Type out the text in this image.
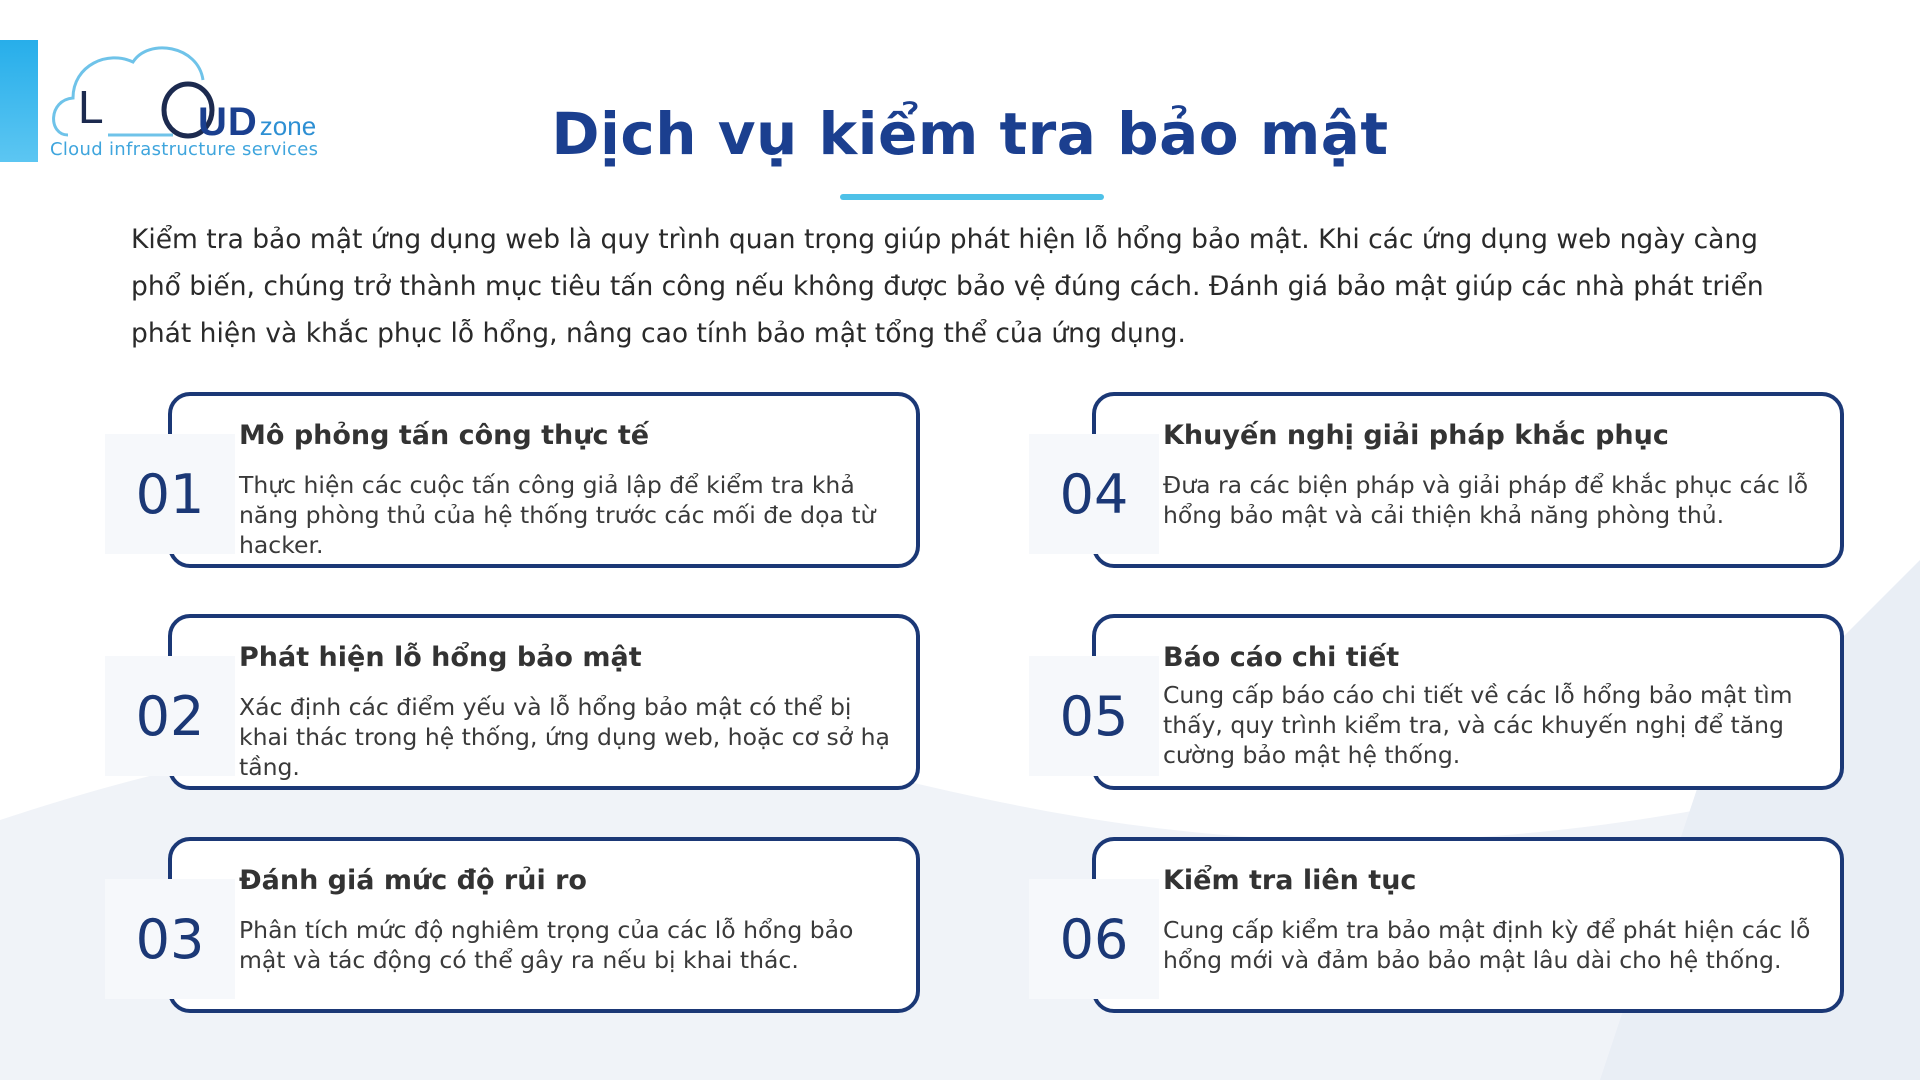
L UD zone
Cloud infrastructure services	Dịch vụ kiểm tra bảo mật
Kiểm tra bảo mật ứng dụng web là quy trình quan trọng giúp phát hiện lỗ hổng bảo mật. Khi các ứng dụng web ngày càng phổ biến, chúng trở thành mục tiêu tấn công nếu không được bảo vệ đúng cách. Đánh giá bảo mật giúp các nhà phát triển phát hiện và khắc phục lỗ hổng, nâng cao tính bảo mật tổng thể của ứng dụng.
01
Mô phỏng tấn công thực tế
Thực hiện các cuộc tấn công giả lập để kiểm tra khả năng phòng thủ của hệ thống trước các mối đe dọa từ hacker.
02
Phát hiện lỗ hổng bảo mật
Xác định các điểm yếu và lỗ hổng bảo mật có thể bị khai thác trong hệ thống, ứng dụng web, hoặc cơ sở hạ tầng.
03
Đánh giá mức độ rủi ro
Phân tích mức độ nghiêm trọng của các lỗ hổng bảo mật và tác động có thể gây ra nếu bị khai thác.
04
Khuyến nghị giải pháp khắc phục
Đưa ra các biện pháp và giải pháp để khắc phục các lỗ hổng bảo mật và cải thiện khả năng phòng thủ.
05
Báo cáo chi tiết
Cung cấp báo cáo chi tiết về các lỗ hổng bảo mật tìm thấy, quy trình kiểm tra, và các khuyến nghị để tăng cường bảo mật hệ thống.
06
Kiểm tra liên tục
Cung cấp kiểm tra bảo mật định kỳ để phát hiện các lỗ hổng mới và đảm bảo bảo mật lâu dài cho hệ thống.
